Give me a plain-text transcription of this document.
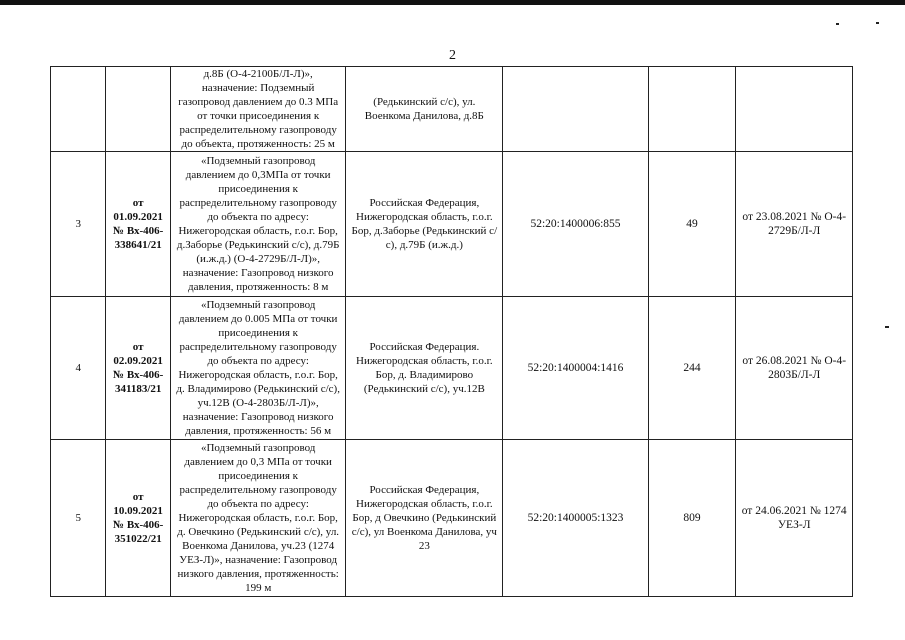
2
		д.8Б (О-4-2100Б/Л-Л)», назначение: Подземный газопровод давлением до 0.3 МПа от точки присоединения к распределительному газопроводу до объекта, протяженность: 25 м	(Редькинский с/с), ул. Военкома Данилова, д.8Б			
3	от 01.09.2021 № Вх-406-338641/21	«Подземный газопровод давлением до 0,3МПа от точки присоединения к распределительному газопроводу до объекта по адресу: Нижегородская область, г.о.г. Бор, д.Заборье (Редькинский с/с), д.79Б (и.ж.д.) (О-4-2729Б/Л-Л)», назначение: Газопровод низкого давления, протяженность: 8 м	Российская Федерация, Нижегородская область, г.о.г. Бор, д.Заборье (Редькинский с/с), д.79Б (и.ж.д.)	52:20:1400006:855	49	от 23.08.2021 № О-4-2729Б/Л-Л
4	от 02.09.2021 № Вх-406-341183/21	«Подземный газопровод давлением до 0.005 МПа от точки присоединения к распределительному газопроводу до объекта по адресу: Нижегородская область, г.о.г. Бор, д. Владимирово (Редькинский с/с), уч.12В (О-4-2803Б/Л-Л)», назначение: Газопровод низкого давления, протяженность: 56 м	Российская Федерация. Нижегородская область, г.о.г. Бор, д. Владимирово (Редькинский с/с), уч.12В	52:20:1400004:1416	244	от 26.08.2021 № О-4-2803Б/Л-Л
5	от 10.09.2021 № Вх-406-351022/21	«Подземный газопровод давлением до 0,3 МПа от точки присоединения к распределительному газопроводу до объекта по адресу: Нижегородская область, г.о.г. Бор, д. Овечкино (Редькинский с/с), ул. Военкома Данилова, уч.23 (1274 УЕЗ-Л)», назначение: Газопровод низкого давления, протяженность: 199 м	Российская Федерация, Нижегородская область, г.о.г. Бор, д Овечкино (Редькинский с/с), ул Военкома Данилова, уч 23	52:20:1400005:1323	809	от 24.06.2021 № 1274 УЕЗ-Л
